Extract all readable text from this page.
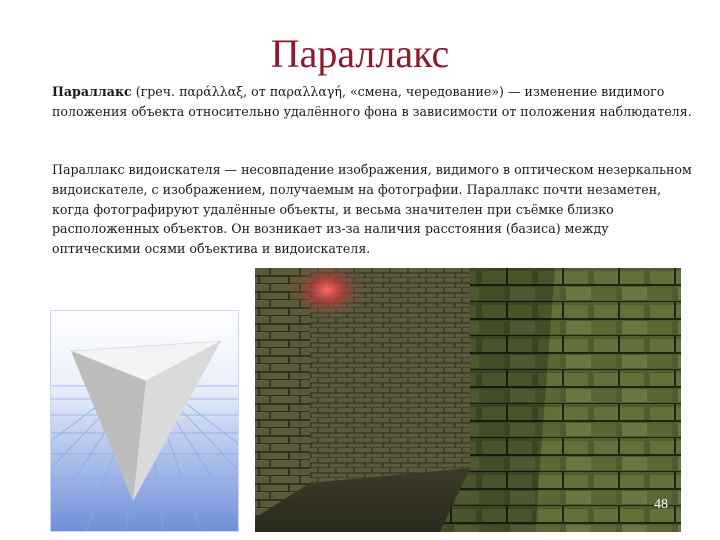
Параллакс

Параллакс (греч. παράλλαξ, от παραλλαγή, «смена, чередование») — изменение видимого положения объекта относительно удалённого фона в зависимости от положения наблюдателя.

Параллакс видоискателя — несовпадение изображения, видимого в оптическом незеркальном видоискателе, с изображением, получаемым на фотографии. Параллакс почти незаметен, когда фотографируют удалённые объекты, и весьма значителен при съёмке близко расположенных объектов. Он возникает из-за наличия расстояния (базиса) между оптическими осями объектива и видоискателя.

48
